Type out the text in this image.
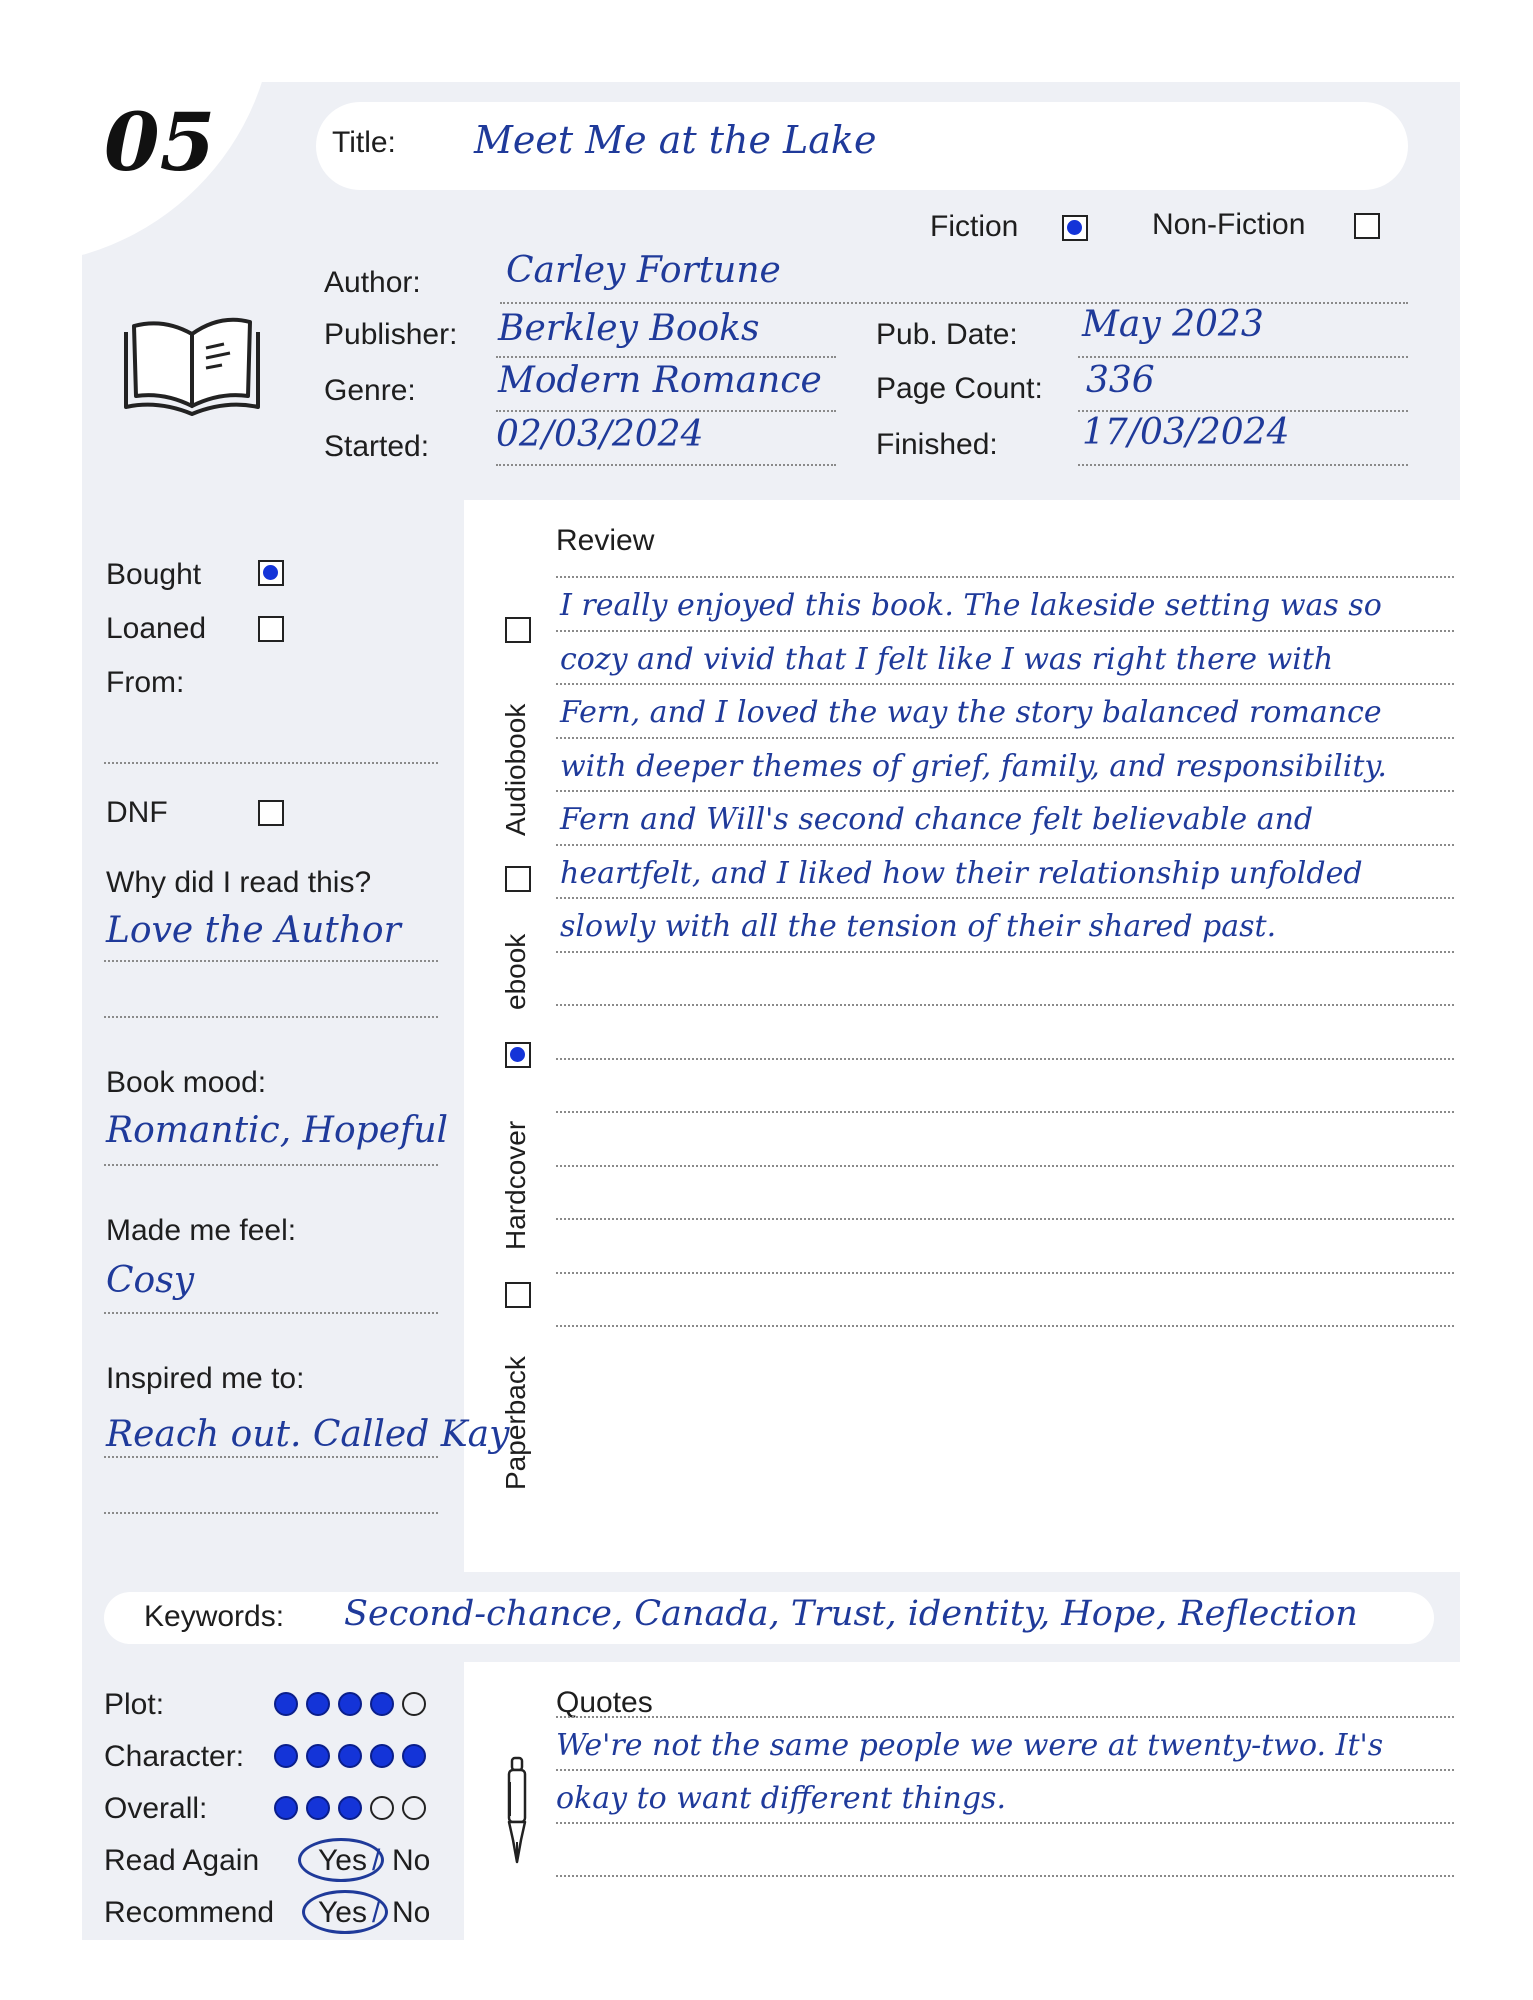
05	Title: Meet Me at the Lake
Fiction	Non-Fiction
Author: Carley Fortune
Publisher: Berkley Books
Genre: Modern Romance
Started: 02/03/2024
Pub. Date: May 2023
Page Count: 336
Finished: 17/03/2024
Bought
Loaned
From:
DNF
Why did I read this?
Love the Author
Book mood:
Romantic, Hopeful
Made me feel:
Cosy
Inspired me to:
Reach out. Called Kay
Audiobook
ebook
Hardcover
Paperback
Review
I really enjoyed this book. The lakeside setting was so
cozy and vivid that I felt like I was right there with
Fern, and I loved the way the story balanced romance
with deeper themes of grief, family, and responsibility.
Fern and Will's second chance felt believable and
heartfelt, and I liked how their relationship unfolded
slowly with all the tension of their shared past.
Keywords: Second-chance, Canada, Trust, identity, Hope, Reflection
Plot:
Character:
Overall:
Read Again Yes / No
Recommend Yes / No
Quotes
We're not the same people we were at twenty-two. It's
okay to want different things.
